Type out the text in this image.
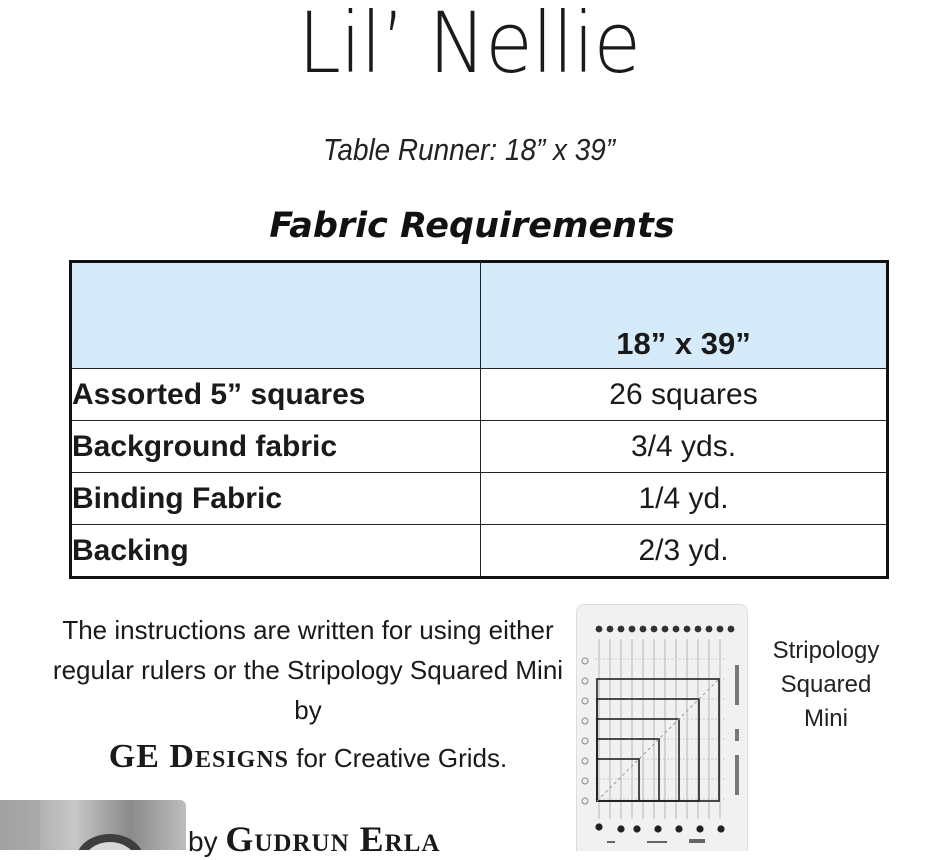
Lil’ Nellie
Table Runner: 18” x 39”
Fabric Requirements
	18” x 39”
Assorted 5” squares	26 squares
Background fabric	3/4 yds.
Binding Fabric	1/4 yd.
Backing	2/3 yd.
The instructions are written for using either regular rulers or the Stripology Squared Mini by
GE Designs for Creative Grids.
Stripology
Squared
Mini
by Gudrun Erla
